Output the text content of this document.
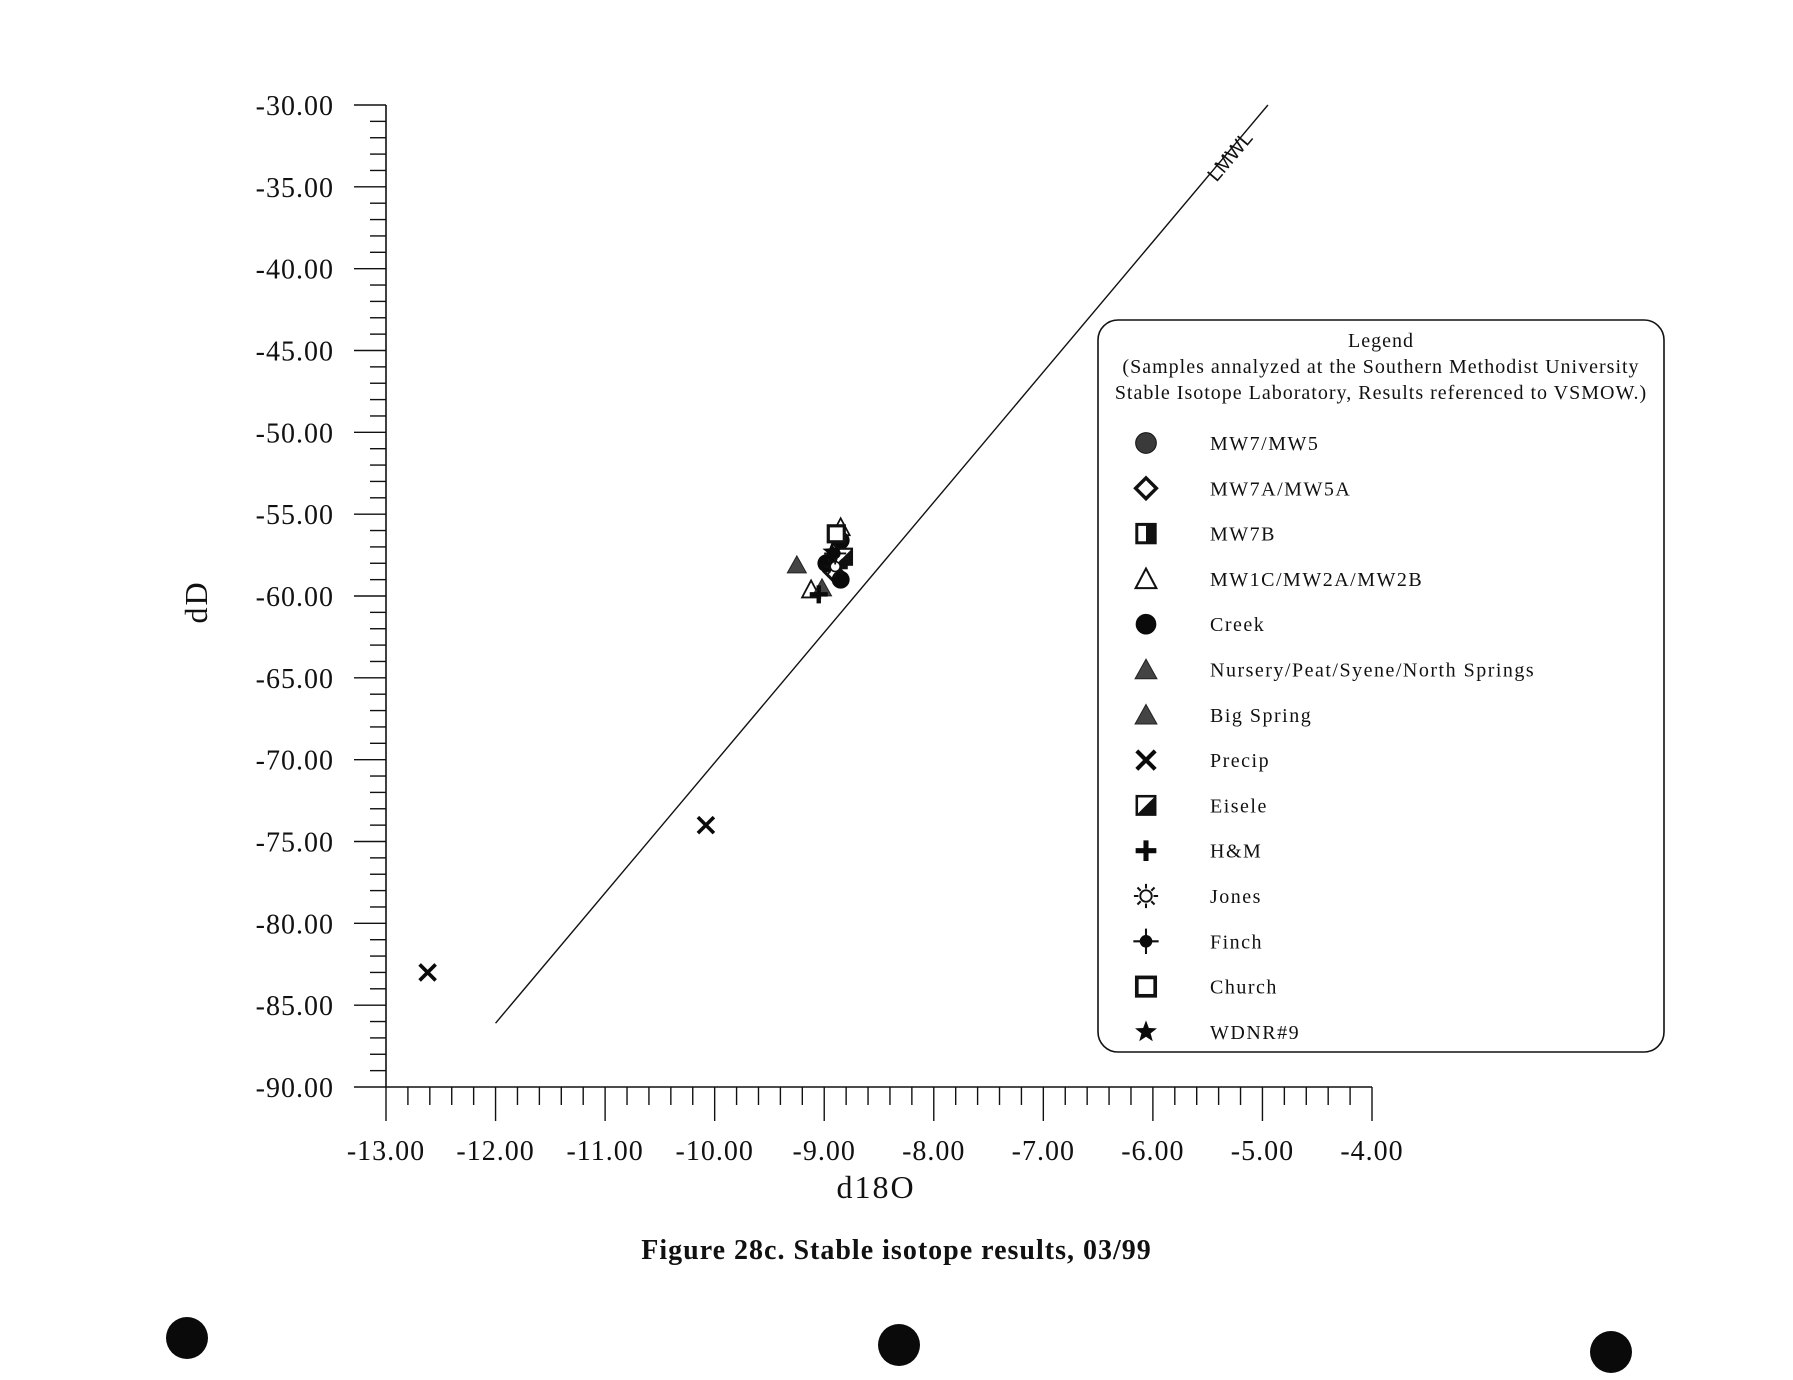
-30.00
-35.00
-40.00
-45.00
-50.00
-55.00
-60.00
-65.00
-70.00
-75.00
-80.00
-85.00
-90.00
-13.00 -12.00 -11.00 -10.00 -9.00 -8.00 -7.00 -6.00 -5.00 -4.00
dD
d18O
LMWL
Legend
(Samples annalyzed at the Southern Methodist University
Stable Isotope Laboratory, Results referenced to VSMOW.)
MW7/MW5
MW7A/MW5A
MW7B
MW1C/MW2A/MW2B
Creek
Nursery/Peat/Syene/North Springs
Big Spring
Precip
Eisele
H&M
Jones
Finch
Church
WDNR#9
Figure 28c. Stable isotope results, 03/99
